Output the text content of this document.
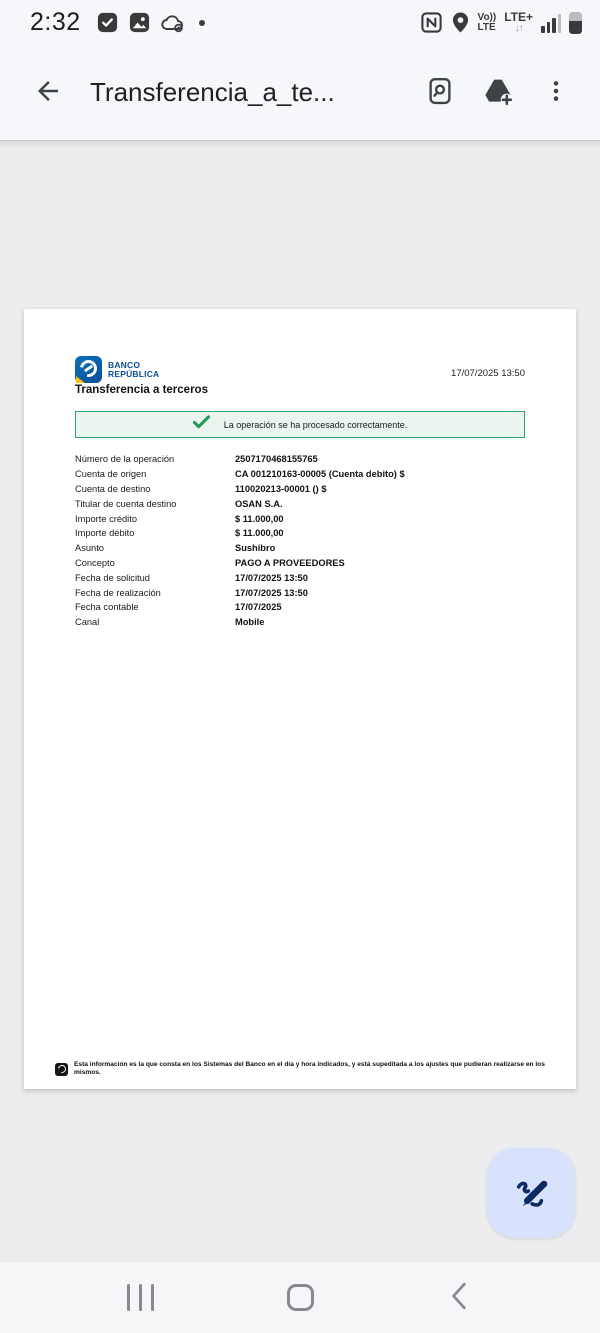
2:32	Vo))
LTE
LTE+
↓↑
Transferencia_a_te...
BANCO
REPÚBLICA	17/07/2025 13:50
Transferencia a terceros
La operación se ha procesado correctamente.
Número de la operación	2507170468155765
Cuenta de origen	CA 001210163-00005 (Cuenta debito) $
Cuenta de destino	110020213-00001 () $
Titular de cuenta destino	OSAN S.A.
Importe crédito	$ 11.000,00
Importe débito	$ 11.000,00
Asunto	Sushibro
Concepto	PAGO A PROVEEDORES
Fecha de solicitud	17/07/2025 13:50
Fecha de realización	17/07/2025 13:50
Fecha contable	17/07/2025
Canal	Mobile
Esta información es la que consta en los Sistemas del Banco en el día y hora indicados, y está supeditada a los ajustes que pudieran realizarse en los mismos.
